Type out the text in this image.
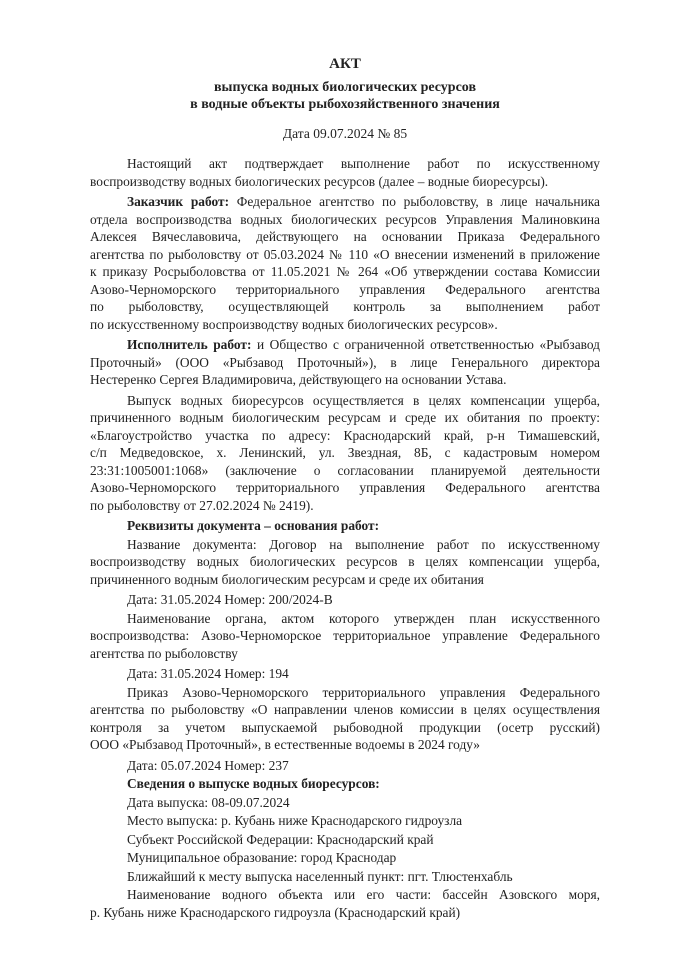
АКТ
выпуска водных биологических ресурсов
в водные объекты рыбохозяйственного значения
Дата 09.07.2024 № 85
Настоящий акт подтверждает выполнение работ по искусственному
воспроизводству водных биологических ресурсов (далее – водные биоресурсы).
Заказчик работ: Федеральное агентство по рыболовству, в лице начальника
отдела воспроизводства водных биологических ресурсов Управления Малиновкина
Алексея Вячеславовича, действующего на основании Приказа Федерального
агентства по рыболовству от 05.03.2024 № 110 «О внесении изменений в приложение
к приказу Росрыболовства от 11.05.2021 № 264 «Об утверждении состава Комиссии
Азово-Черноморского территориального управления Федерального агентства
по рыболовству, осуществляющей контроль за выполнением работ
по искусственному воспроизводству водных биологических ресурсов».
Исполнитель работ: и Общество с ограниченной ответственностью «Рыбзавод
Проточный» (ООО «Рыбзавод Проточный»), в лице Генерального директора
Нестеренко Сергея Владимировича, действующего на основании Устава.
Выпуск водных биоресурсов осуществляется в целях компенсации ущерба,
причиненного водным биологическим ресурсам и среде их обитания по проекту:
«Благоустройство участка по адресу: Краснодарский край, р-н Тимашевский,
с/п Медведовское, х. Ленинский, ул. Звездная, 8Б, с кадастровым номером
23:31:1005001:1068» (заключение о согласовании планируемой деятельности
Азово-Черноморского территориального управления Федерального агентства
по рыболовству от 27.02.2024 № 2419).
Реквизиты документа – основания работ:
Название документа: Договор на выполнение работ по искусственному
воспроизводству водных биологических ресурсов в целях компенсации ущерба,
причиненного водным биологическим ресурсам и среде их обитания
Дата: 31.05.2024 Номер: 200/2024-В
Наименование органа, актом которого утвержден план искусственного
воспроизводства: Азово-Черноморское территориальное управление Федерального
агентства по рыболовству
Дата: 31.05.2024 Номер: 194
Приказ Азово-Черноморского территориального управления Федерального
агентства по рыболовству «О направлении членов комиссии в целях осуществления
контроля за учетом выпускаемой рыбоводной продукции (осетр русский)
ООО «Рыбзавод Проточный», в естественные водоемы в 2024 году»
Дата: 05.07.2024 Номер: 237
Сведения о выпуске водных биоресурсов:
Дата выпуска: 08-09.07.2024
Место выпуска: р. Кубань ниже Краснодарского гидроузла
Субъект Российской Федерации: Краснодарский край
Муниципальное образование: город Краснодар
Ближайший к месту выпуска населенный пункт: пгт. Тлюстенхабль
Наименование водного объекта или его части: бассейн Азовского моря,
р. Кубань ниже Краснодарского гидроузла (Краснодарский край)
